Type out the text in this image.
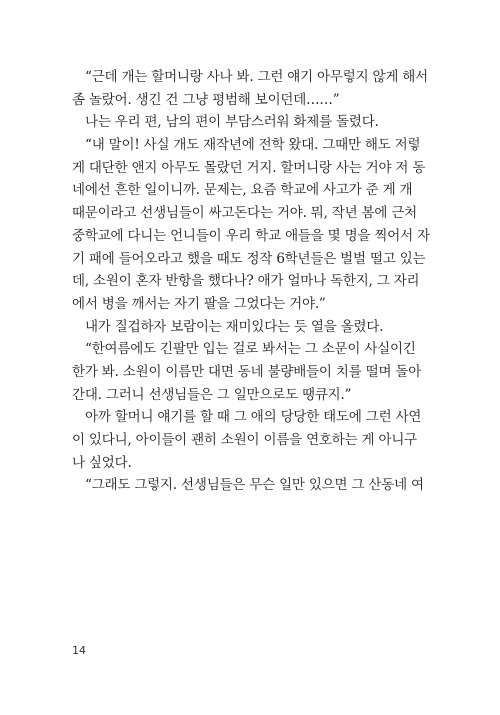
“근데 개는 할머니랑 사나 봐. 그런 얘기 아무렇지 않게 해서
좀 놀랐어. 생긴 건 그냥 평범해 보이던데……”
나는 우리 편, 남의 편이 부담스러워 화제를 돌렸다.
“내 말이! 사실 개도 재작년에 전학 왔대. 그때만 해도 저렇
게 대단한 앤지 아무도 몰랐던 거지. 할머니랑 사는 거야 저 동
네에선 흔한 일이니까. 문제는, 요즘 학교에 사고가 준 게 개
때문이라고 선생님들이 싸고돈다는 거야. 뭐, 작년 봄에 근처
중학교에 다니는 언니들이 우리 학교 애들을 몇 명을 찍어서 자
기 패에 들어오라고 했을 때도 정작 6학년들은 벌벌 떨고 있는
데, 소원이 혼자 반항을 했다나? 애가 얼마나 독한지, 그 자리
에서 병을 깨서는 자기 팔을 그었다는 거야.”
내가 질겁하자 보람이는 재미있다는 듯 열을 올렸다.
“한여름에도 긴팔만 입는 걸로 봐서는 그 소문이 사실이긴
한가 봐. 소원이 이름만 대면 동네 불량배들이 치를 떨며 돌아
간대. 그러니 선생님들은 그 일만으로도 땡큐지.”
아까 할머니 얘기를 할 때 그 애의 당당한 태도에 그런 사연
이 있다니, 아이들이 괜히 소원이 이름을 연호하는 게 아니구
나 싶었다.
“그래도 그렇지. 선생님들은 무슨 일만 있으면 그 산동네 여
14
